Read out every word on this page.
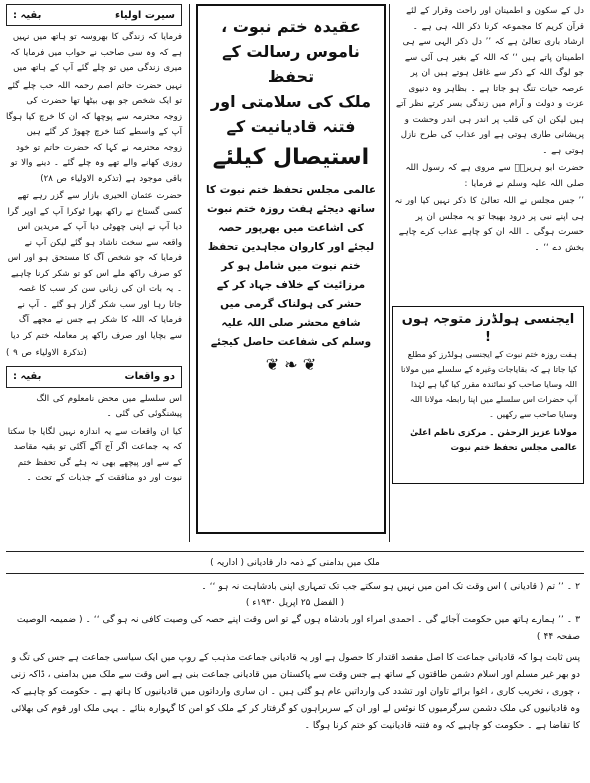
سیرت اولیاء
بقیہ :

فرمایا کہ زندگی کا بھروسہ تو ہاتھ میں نہیں ہے کہ وہ سی صاحب نے حواب میں فرمایا کہ میری زندگی میں تو چلے گئے آپ کے ہاتھ میں

نہیں حضرت حاتم اصم رحمہ اللہ حب چلے گئے تو ایک شخص جو بھی بیٹھا تھا حضرت کی زوجہ محترمہ سے پوچھا کہ ان کا خرچ کیا ہوگا آپ کے واسطے کتنا خرچ چھوڑ کر گئے ہیں زوجہ محترمہ نے کہا کہ حضرت حاتم تو خود روزی کھانے والے تھے وہ چلے گئے ۔ دینے والا تو باقی موجود ہے (تذکرہ الاولیاء ص ۲۸)

حضرت عثمان الحیری بازار سے گزر رہے تھے کسی گستاخ نے راکھ بھرا ٹوکرا آپ کے اوپر گرا دیا آپ نے اپنی چھوٹی دیا آپ کے مریدین اس واقعہ سے سخت ناشاد ہو گئے لیکن آپ نے فرمایا کہ جو شخص آگ کا مستحق ہو اور اس کو صرف راکھ ملے اس کو تو شکر کرنا چاہیے ۔ یہ بات ان کی زبانی سن کر سب کا غصہ جاتا رہا اور سب شکر گزار ہو گئے ۔ آپ نے فرمایا کہ اللہ کا شکر ہے جس نے مجھے آگ سے بچایا اور صرف راکھ پر معاملہ ختم کر دیا

(تذکرۃ الاولیاء ص ۹ )

دو واقعات
بقیہ :

اس سلسلے میں محض نامعلوم کی الگ پیشنگوئی کی گئی ۔

کیا ان واقعات سے یہ اندازہ نہیں لگایا جا سکتا کہ یہ جماعت اگر آج آگے آگئی تو بقیہ مقاصد کے سے اور پیچھے بھی نہ ہٹے گی تحفظ ختم نبوت اور دو منافقت کے جذبات کے تحت ۔

عقیدہ ختم نبوت ،
ناموس رسالت کے تحفظ
ملک کی سلامتی اور
فتنہ قادیانیت کے
استیصال کیلئے
عالمی مجلس تحفظ ختم نبوت کا ساتھ دیجئے ہفت روزہ ختم نبوت کی اشاعت میں بھرپور حصہ لیجئے اور کاروان مجاہدین تحفظ ختم نبوت میں شامل ہو کر مرزائیت کے خلاف جہاد کر کے حشر کی ہولناک گرمی میں شافع محشر صلی اللہ علیہ وسلم کی شفاعت حاصل کیجئے
❦ ❧ ❦

دل کے سکون و اطمینان اور راحت وقرار کے لئے قرآن کریم کا مجموعہ کرنا ذکر اللہ ہی ہے ۔ ارشاد باری تعالیٰ ہے کہ ’’ دل ذکر الہی سے ہی اطمینان پاتے ہیں ‘‘ کہ اللہ کے بغیر ہی آئی سے جو لوگ اللہ کے ذکر سے غافل ہوتے ہیں ان پر عرصہ حیات تنگ ہو جاتا ہے ۔ بظاہر وہ دنیوی عزت و دولت و آرام میں زندگی بسر کرتے نظر آتے ہیں لیکن ان کی قلب پر اندر ہی اندر وحشت و پریشانی طاری ہوتی ہے اور عذاب کی طرح نازل ہوتی ہے ۔

حضرت ابو ہریرہؓ سے مروی ہے کہ رسول اللہ صلی اللہ علیہ وسلم نے فرمایا :

’’ جس مجلس نے اللہ تعالیٰ کا ذکر نہیں کیا اور نہ ہی اپنے نبی پر درود بھیجا تو یہ مجلس ان پر حسرت ہوگی ۔ اللہ ان کو چاہے عذاب کرے چاہے بخش دے ‘‘ ۔

ایجنسی ہولڈرز متوجہ ہوں !
ہفت روزہ ختم نبوت کے ایجنسی ہولڈرز کو مطلع کیا جاتا ہے کہ بقایاجات وغیرہ کے سلسلے میں مولانا اللہ وسایا صاحب کو نمائندہ مقرر کیا گیا ہے لہٰذا آپ حضرات اس سلسلے میں اپنا رابطہ مولانا اللہ وسایا صاحب سے رکھیں ۔
مولانا عزیز الرحمٰن ۔ مرکزی ناظم اعلیٰ عالمی مجلس تحفظ ختم نبوت
ملک میں بدامنی کے ذمہ دار قادیانی ( اداریہ )
۲ ۔ ’’ تم ( قادیانی ) اس وقت تک امن میں نہیں ہو سکتے جب تک تمہاری اپنی بادشاہت نہ ہو ‘‘ ۔
( الفضل ۲۵ اپریل ۱۹۳۰ء )
۳ ۔ ’’ ہمارے ہاتھ میں حکومت آجائے گی ۔ احمدی امراء اور بادشاہ ہوں گے تو اس وقت اپنے حصہ کی وصیت کافی نہ ہو گی ‘‘ ۔ ( ضمیمہ الوصیت صفحہ ۴۴ )
پس ثابت ہوا کہ قادیانی جماعت کا اصل مقصد اقتدار کا حصول ہے اور یہ قادیانی جماعت مذہب کے روپ میں ایک سیاسی جماعت ہے جس کی تگ و دو بھر غیر مسلم اور اسلام دشمن طاقتوں کے ساتھ ہے جس وقت سے پاکستان میں قادیانی جماعت بنی ہے اس وقت سے ملک میں بدامنی ، ڈاکہ زنی ، چوری ، تخریب کاری ، اغوا برائے تاوان اور تشدد کی وارداتیں عام ہو گئی ہیں ۔ ان ساری وارداتوں میں قادیانیوں کا ہاتھ ہے ۔ حکومت کو چاہیے کہ وہ قادیانیوں کی ملک دشمن سرگرمیوں کا نوٹس لے اور ان کے سربراہوں کو گرفتار کر کے ملک کو امن کا گہوارہ بنائے ۔ یہی ملک اور قوم کی بھلائی کا تقاضا ہے ۔ حکومت کو چاہیے کہ وہ فتنہ قادیانیت کو ختم کرنا ہوگا ۔
